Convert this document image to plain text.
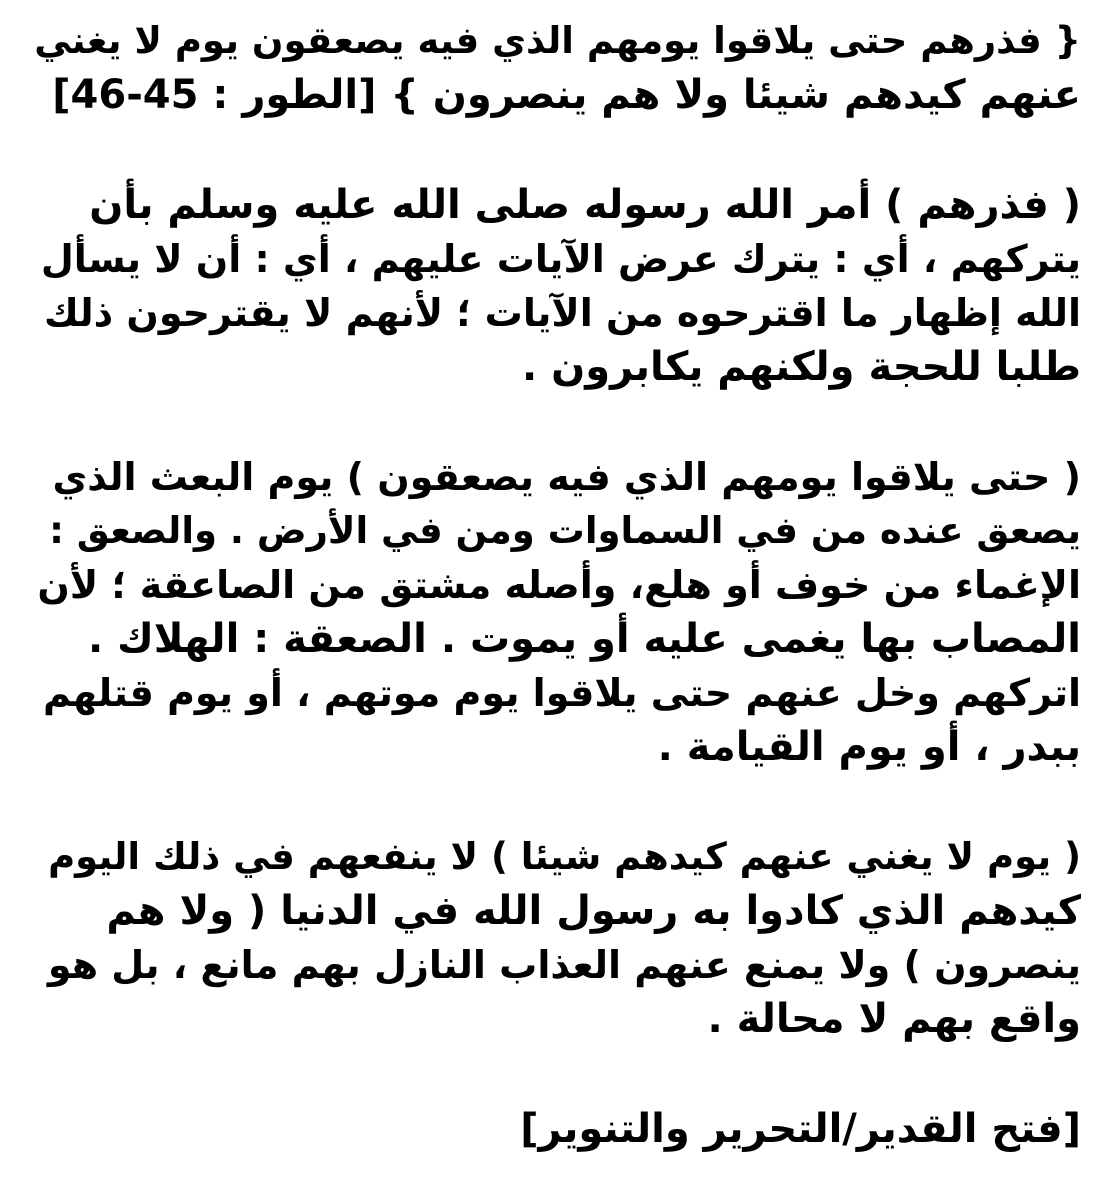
{ فذرهم حتى يلاقوا يومهم الذي فيه يصعقون يوم لا يغني
عنهم كيدهم شيئا ولا هم ينصرون } [الطور : 45-46]
( فذرهم ) أمر الله رسوله صلى الله عليه وسلم بأن
يتركهم ، أي : يترك عرض الآيات عليهم ، أي : أن لا يسأل
الله إظهار ما اقترحوه من الآيات ؛ لأنهم لا يقترحون ذلك
طلبا للحجة ولكنهم يكابرون .
( حتى يلاقوا يومهم الذي فيه يصعقون ) يوم البعث الذي
يصعق عنده من في السماوات ومن في الأرض . والصعق :
الإغماء من خوف أو هلع، وأصله مشتق من الصاعقة ؛ لأن
المصاب بها يغمى عليه أو يموت . الصعقة : الهلاك .
اتركهم وخل عنهم حتى يلاقوا يوم موتهم ، أو يوم قتلهم
ببدر ، أو يوم القيامة .
( يوم لا يغني عنهم كيدهم شيئا ) لا ينفعهم في ذلك اليوم
كيدهم الذي كادوا به رسول الله في الدنيا ( ولا هم
ينصرون ) ولا يمنع عنهم العذاب النازل بهم مانع ، بل هو
واقع بهم لا محالة .
[فتح القدير/التحرير والتنوير]
